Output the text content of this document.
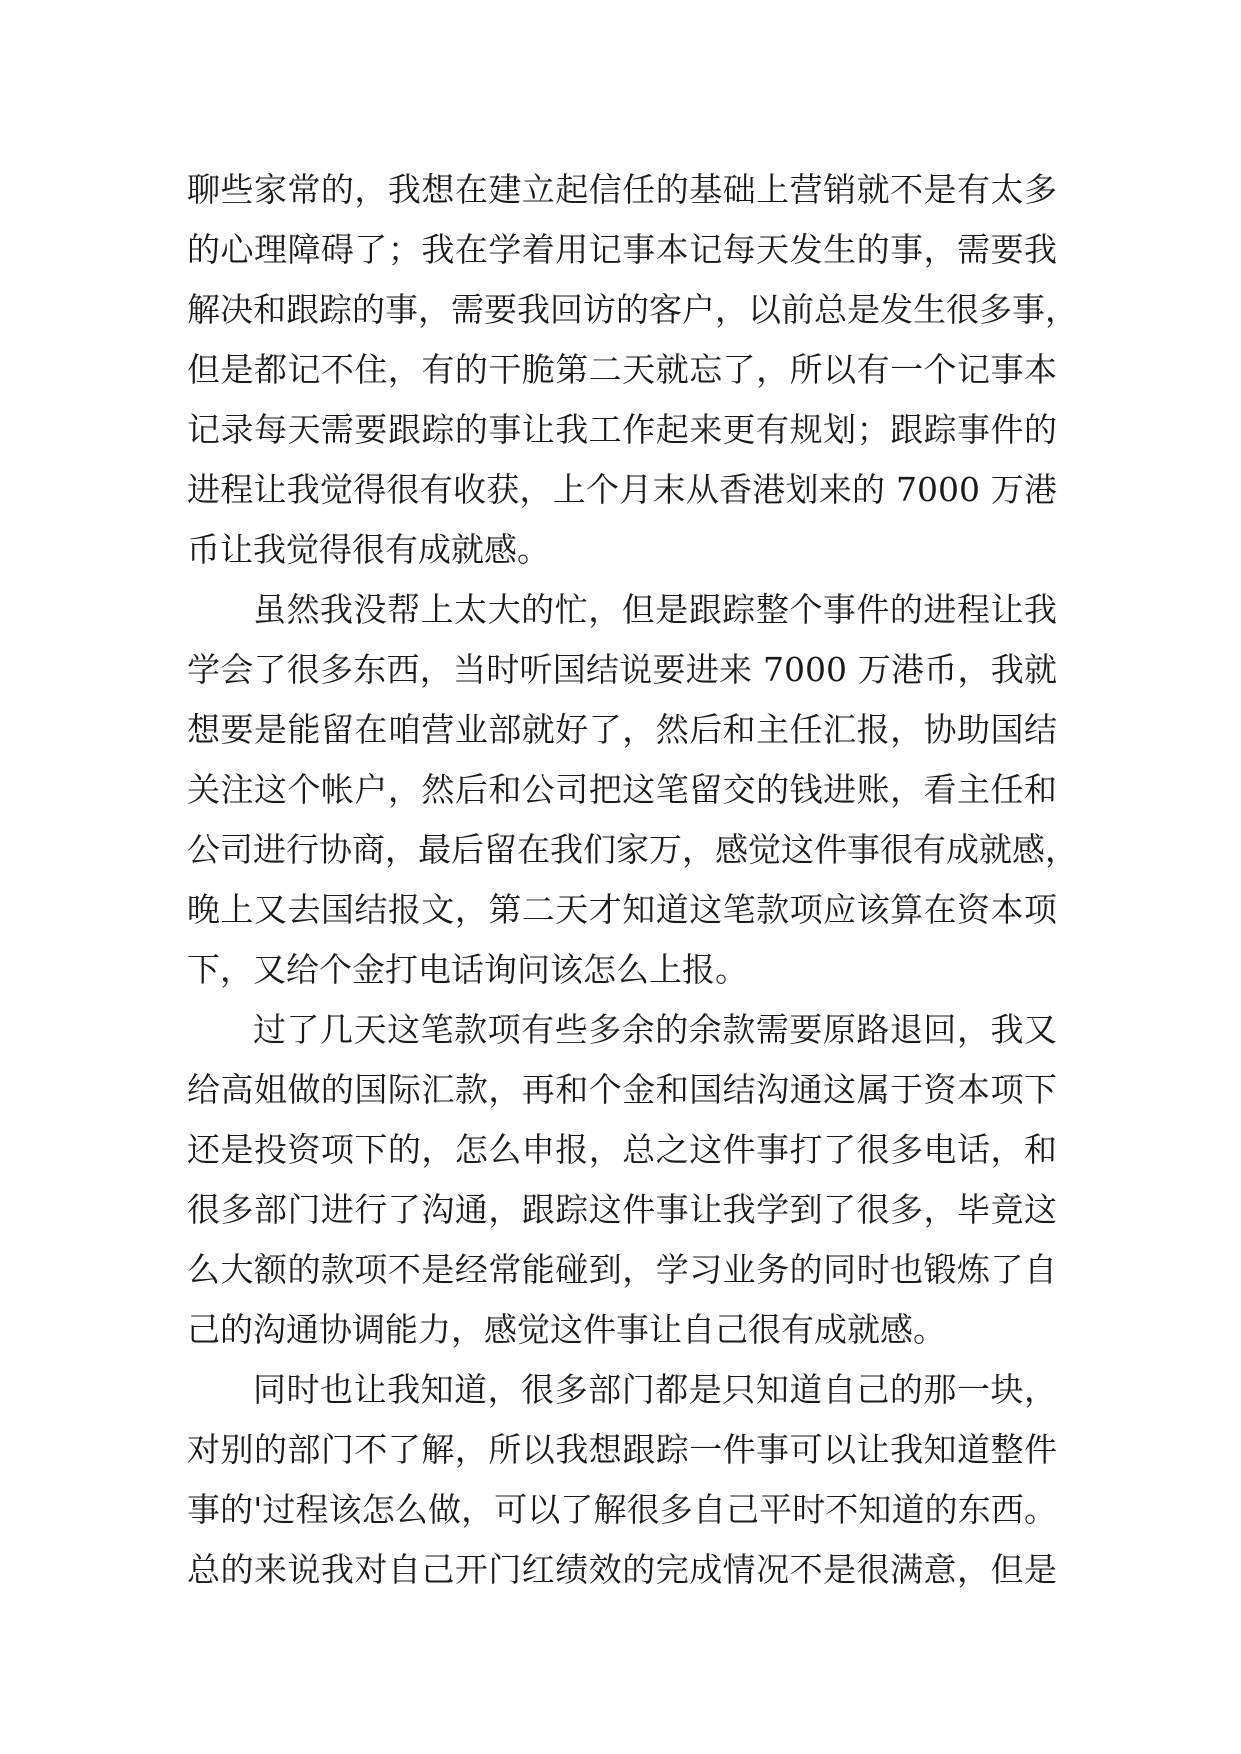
聊些家常的，我想在建立起信任的基础上营销就不是有太多
的心理障碍了；我在学着用记事本记每天发生的事，需要我
解决和跟踪的事，需要我回访的客户，以前总是发生很多事，
但是都记不住，有的干脆第二天就忘了，所以有一个记事本
记录每天需要跟踪的事让我工作起来更有规划；跟踪事件的
进程让我觉得很有收获，上个月末从香港划来的 7000 万港
币让我觉得很有成就感。
虽然我没帮上太大的忙，但是跟踪整个事件的进程让我
学会了很多东西，当时听国结说要进来 7000 万港币，我就
想要是能留在咱营业部就好了，然后和主任汇报，协助国结
关注这个帐户，然后和公司把这笔留交的钱进账，看主任和
公司进行协商，最后留在我们家万，感觉这件事很有成就感，
晚上又去国结报文，第二天才知道这笔款项应该算在资本项
下，又给个金打电话询问该怎么上报。
过了几天这笔款项有些多余的余款需要原路退回，我又
给高姐做的国际汇款，再和个金和国结沟通这属于资本项下
还是投资项下的，怎么申报，总之这件事打了很多电话，和
很多部门进行了沟通，跟踪这件事让我学到了很多，毕竟这
么大额的款项不是经常能碰到，学习业务的同时也锻炼了自
己的沟通协调能力，感觉这件事让自己很有成就感。
同时也让我知道，很多部门都是只知道自己的那一块，
对别的部门不了解，所以我想跟踪一件事可以让我知道整件
事的'过程该怎么做，可以了解很多自己平时不知道的东西。
总的来说我对自己开门红绩效的完成情况不是很满意，但是
